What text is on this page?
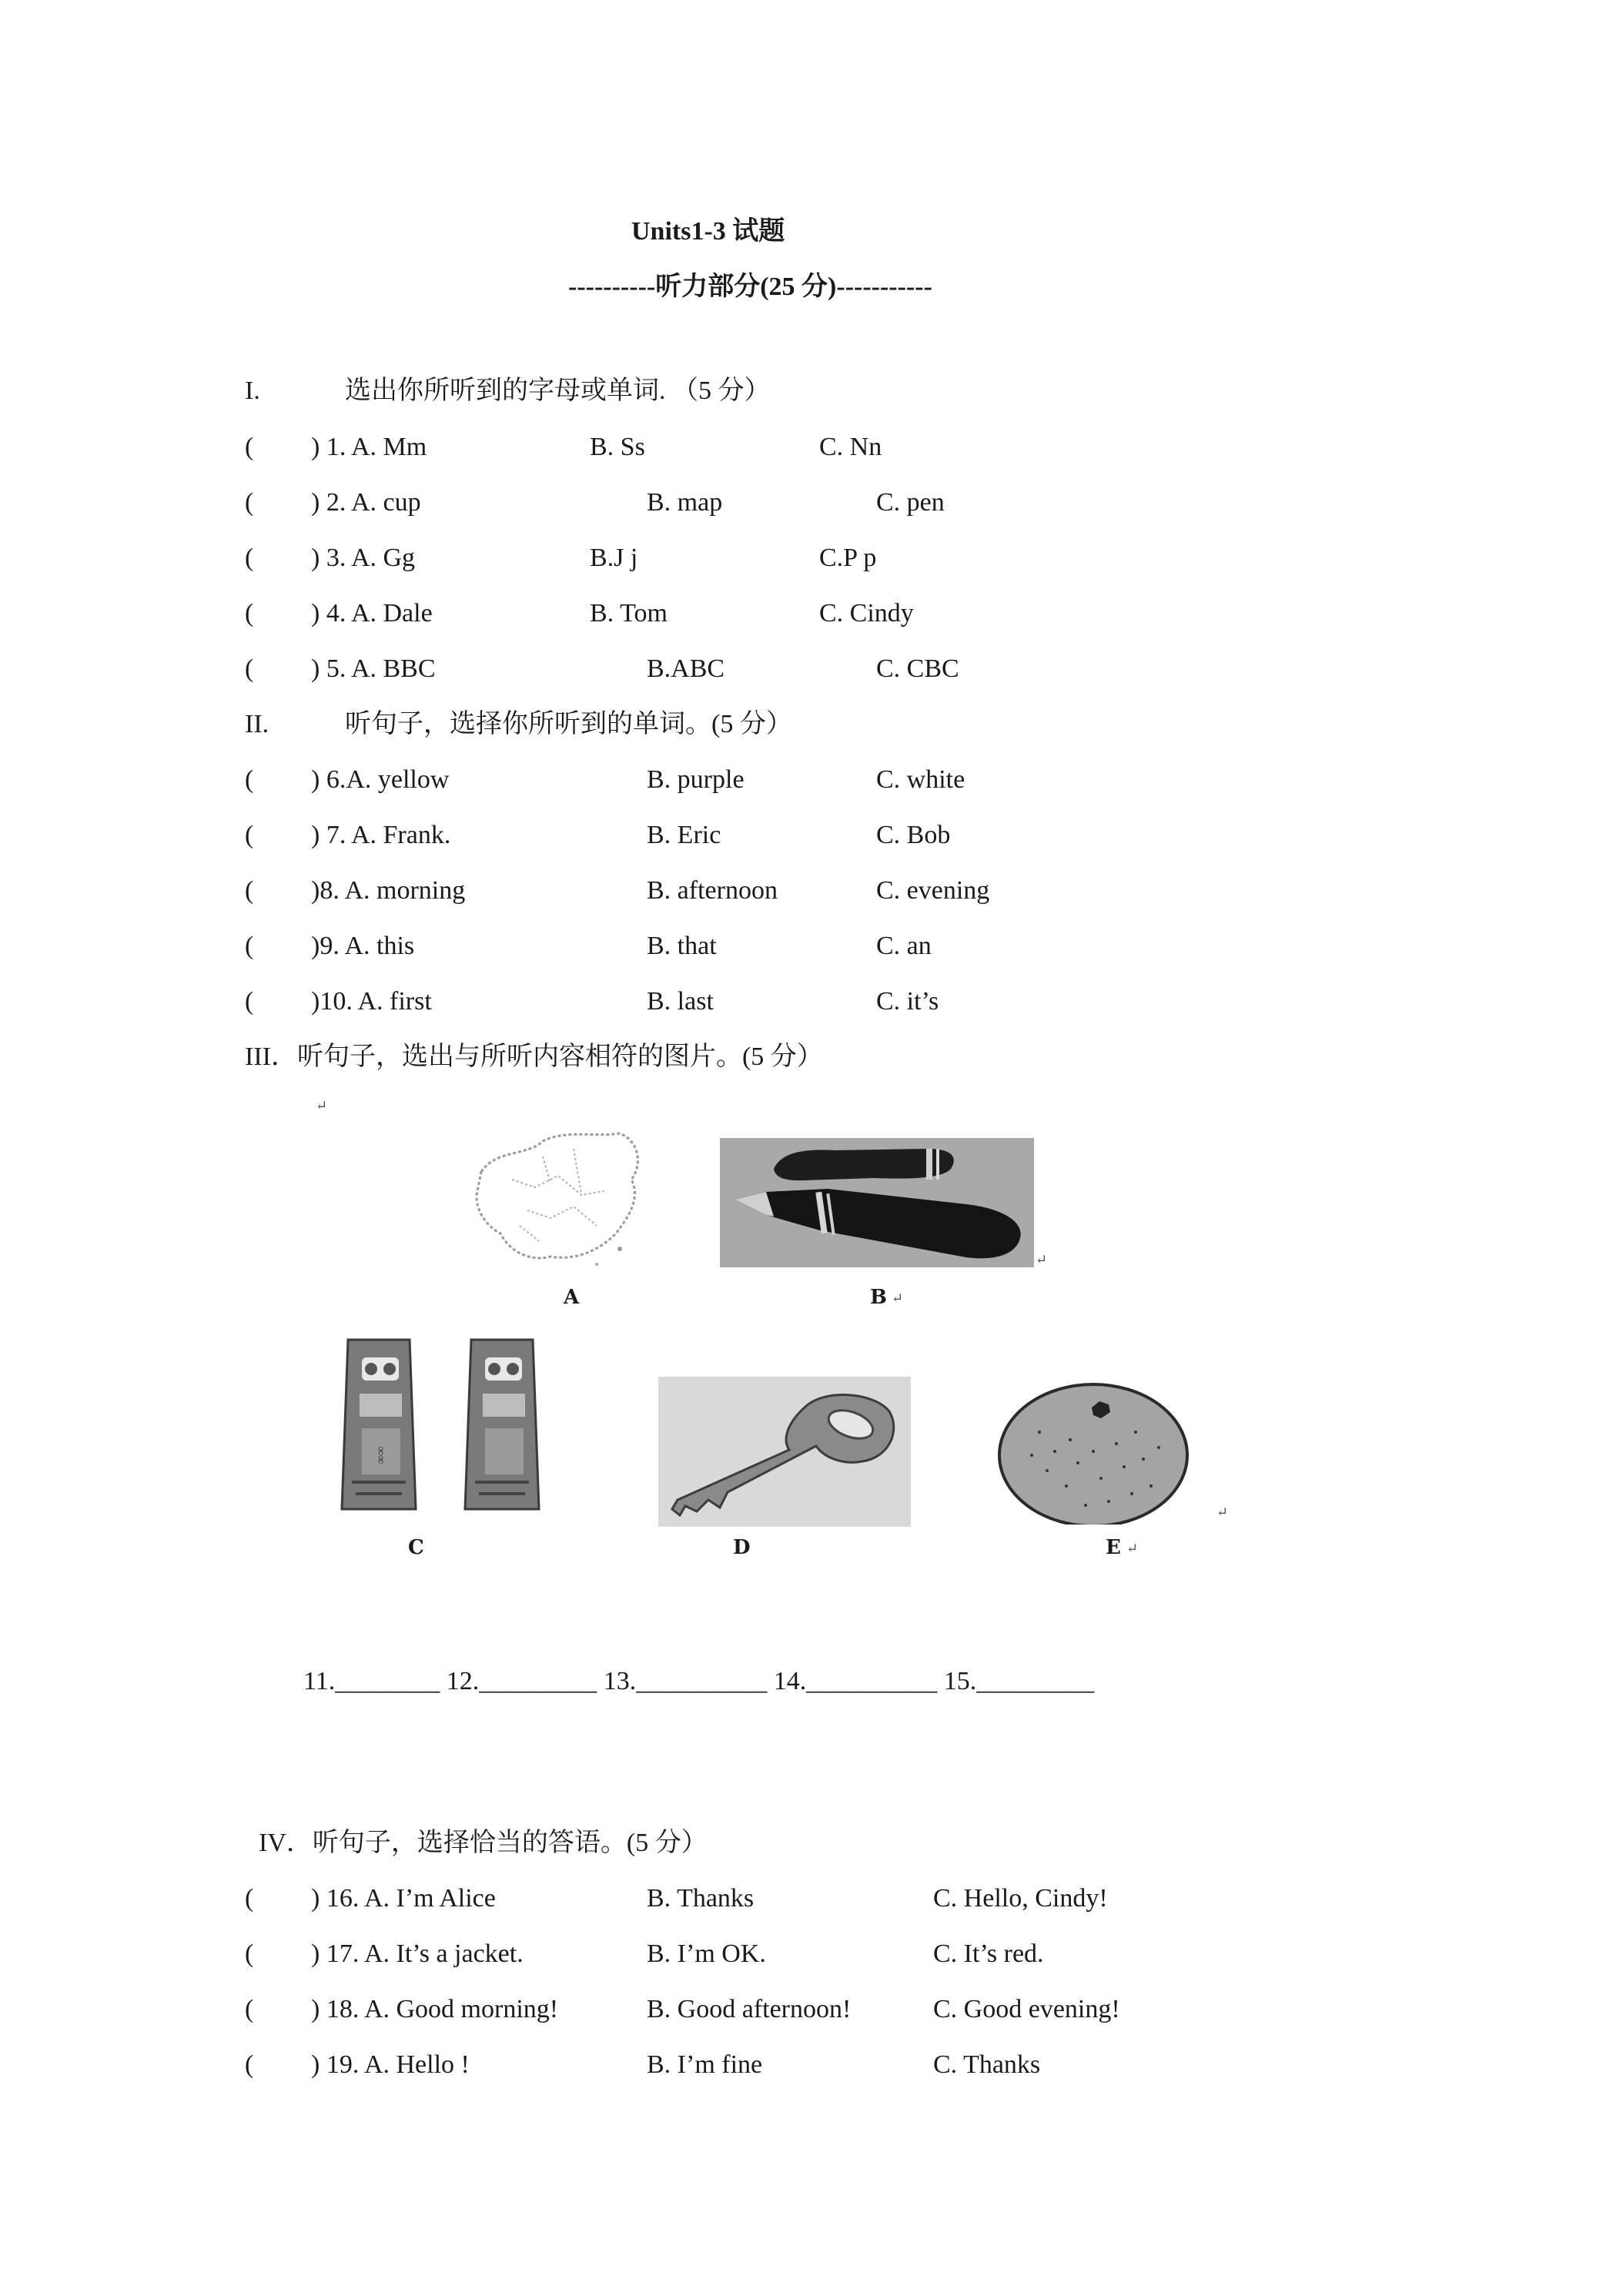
Units1-3 试题
----------听力部分(25 分)-----------
I.	选出你所听到的字母或单词. （5 分）
( ) 1. A. Mm	B. Ss	C. Nn
( ) 2. A. cup	B. map	C. pen
( ) 3. A. Gg	B.J j	C.P p
( ) 4. A. Dale	B. Tom	C. Cindy
( ) 5. A. BBC	B.ABC	C. CBC
II.	听句子，选择你所听到的单词。(5 分）
( ) 6.A. yellow	B. purple	C. white
( ) 7. A. Frank.	B. Eric	C. Bob
( )8. A. morning	B. afternoon	C. evening
( )9. A. this	B. that	C. an
( )10. A. first	B. last	C. it’s
III．听句子，选出与所听内容相符的图片。(5 分）
↵
A
↵
B ↵
∞∞
C	D
↵
E ↵
11.________ 12._________ 13.__________ 14.__________ 15._________
IV．听句子，选择恰当的答语。(5 分）
( ) 16. A. I’m Alice	B. Thanks	C. Hello, Cindy!
( ) 17. A. It’s a jacket.	B. I’m OK.	C. It’s red.
( ) 18. A. Good morning!	B. Good afternoon!	C. Good evening!
( ) 19. A. Hello !	B. I’m fine	C. Thanks
